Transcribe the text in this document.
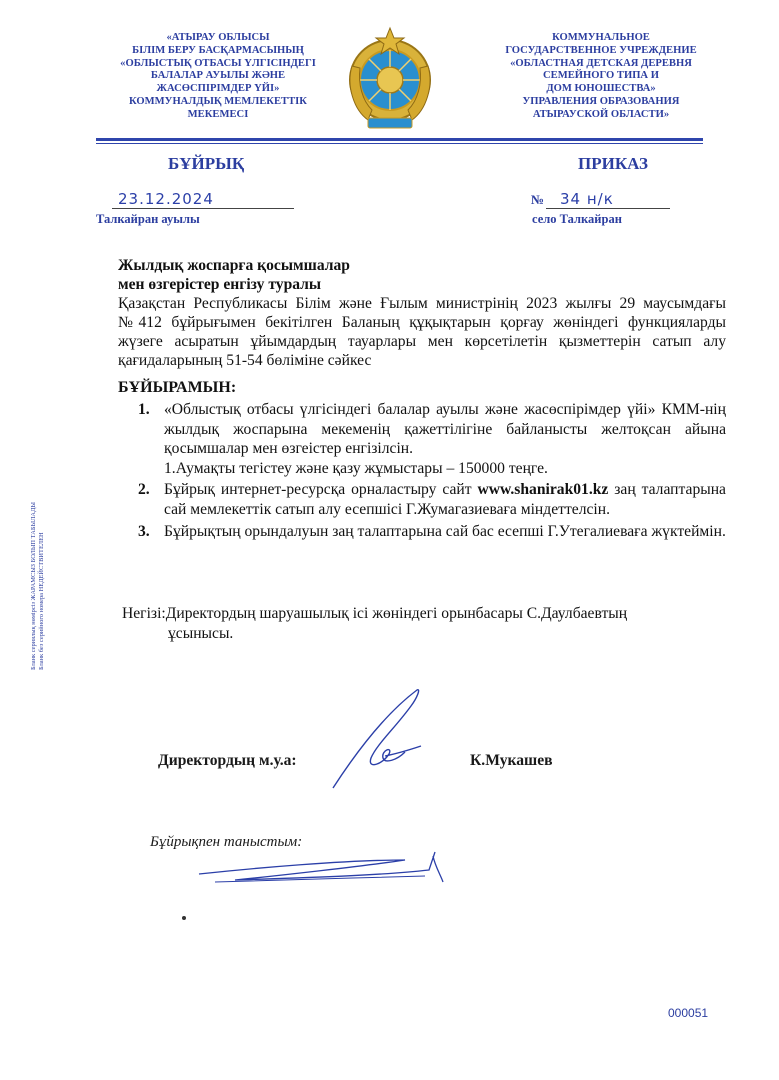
«АТЫРАУ ОБЛЫСЫ
БІЛІМ БЕРУ БАСҚАРМАСЫНЫҢ
«ОБЛЫСТЫҚ ОТБАСЫ ҮЛГІСІНДЕГІ
БАЛАЛАР АУЫЛЫ ЖӘНЕ
ЖАСӨСПІРІМДЕР ҮЙІ»
КОММУНАЛДЫҚ МЕМЛЕКЕТТІК
МЕКЕМЕСІ
КОММУНАЛЬНОЕ
ГОСУДАРСТВЕННОЕ УЧРЕЖДЕНИЕ
«ОБЛАСТНАЯ ДЕТСКАЯ ДЕРЕВНЯ
СЕМЕЙНОГО ТИПА И
ДОМ ЮНОШЕСТВА»
УПРАВЛЕНИЯ ОБРАЗОВАНИЯ
АТЫРАУСКОЙ ОБЛАСТИ»
БҰЙРЫҚ	ПРИКАЗ
23.12.2024
Талкайран ауылы
№ 34 н/к
село Талкайран
Жылдық жоспарға қосымшалар
мен өзгерістер енгізу туралы
Қазақстан Республикасы Білім және Ғылым министрінің 2023 жылғы 29 маусымдағы №412 бұйрығымен бекітілген Баланың құқықтарын қорғау жөніндегі функцияларды жүзеге асыратын ұйымдардың тауарлары мен көрсетілетін қызметтерін сатып алу қағидаларының 51-54 бөліміне сәйкес
БҰЙЫРАМЫН:
1. «Облыстық отбасы үлгісіндегі балалар ауылы және жасөспірімдер үйі» КММ-нің жылдық жоспарына мекеменің қажеттілігіне байланысты желтоқсан айына қосымшалар мен өзгеістер енгізілсін.
1.Аумақты тегістеу және қазу жұмыстары – 150000 теңге.
2. Бұйрық интернет-ресурсқа орналастыру сайт www.shanirak01.kz заң талаптарына сай мемлекеттік сатып алу есепшісі Г.Жумагазиеваға міндеттелсін.
3. Бұйрықтың орындалуын заң талаптарына сай бас есепші Г.Утегалиеваға жүктеймін.
Негізі:Директордың шаруашылық ісі жөніндегі орынбасары С.Даулбаевтың
ұсынысы.
Бланк сериялық нөмірсіз ЖАРАМСЫЗ БОЛЫП ТАБЫЛАДЫ Бланк без серийного номера НЕДЕЙСТВИТЕЛЕН
Директордың м.у.а:	К.Мукашев
Бұйрықпен таныстым:
000051
